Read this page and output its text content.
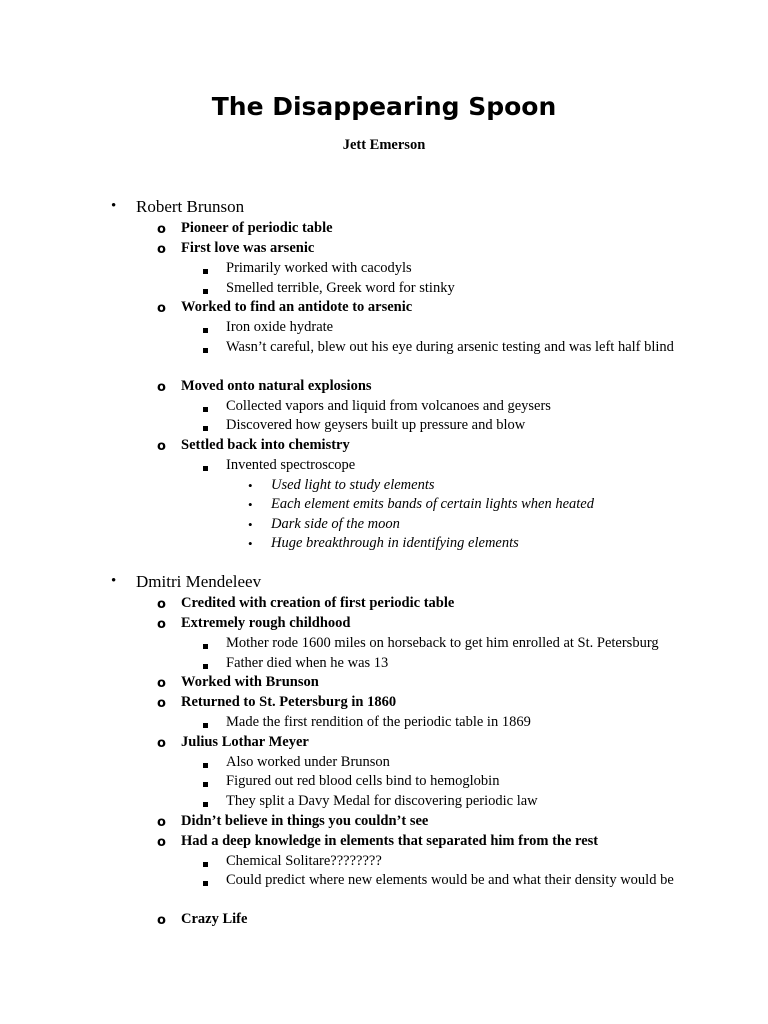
The Disappearing Spoon
Jett Emerson
• Robert Brunson
o Pioneer of periodic table
o First love was arsenic
Primarily worked with cacodyls
Smelled terrible, Greek word for stinky
o Worked to find an antidote to arsenic
Iron oxide hydrate
Wasn’t careful, blew out his eye during arsenic testing and was left half blind
o Moved onto natural explosions
Collected vapors and liquid from volcanoes and geysers
Discovered how geysers built up pressure and blow
o Settled back into chemistry
Invented spectroscope
• Used light to study elements
• Each element emits bands of certain lights when heated
• Dark side of the moon
• Huge breakthrough in identifying elements
• Dmitri Mendeleev
o Credited with creation of first periodic table
o Extremely rough childhood
Mother rode 1600 miles on horseback to get him enrolled at St. Petersburg
Father died when he was 13
o Worked with Brunson
o Returned to St. Petersburg in 1860
Made the first rendition of the periodic table in 1869
o Julius Lothar Meyer
Also worked under Brunson
Figured out red blood cells bind to hemoglobin
They split a Davy Medal for discovering periodic law
o Didn’t believe in things you couldn’t see
o Had a deep knowledge in elements that separated him from the rest
Chemical Solitare????????
Could predict where new elements would be and what their density would be
o Crazy Life
